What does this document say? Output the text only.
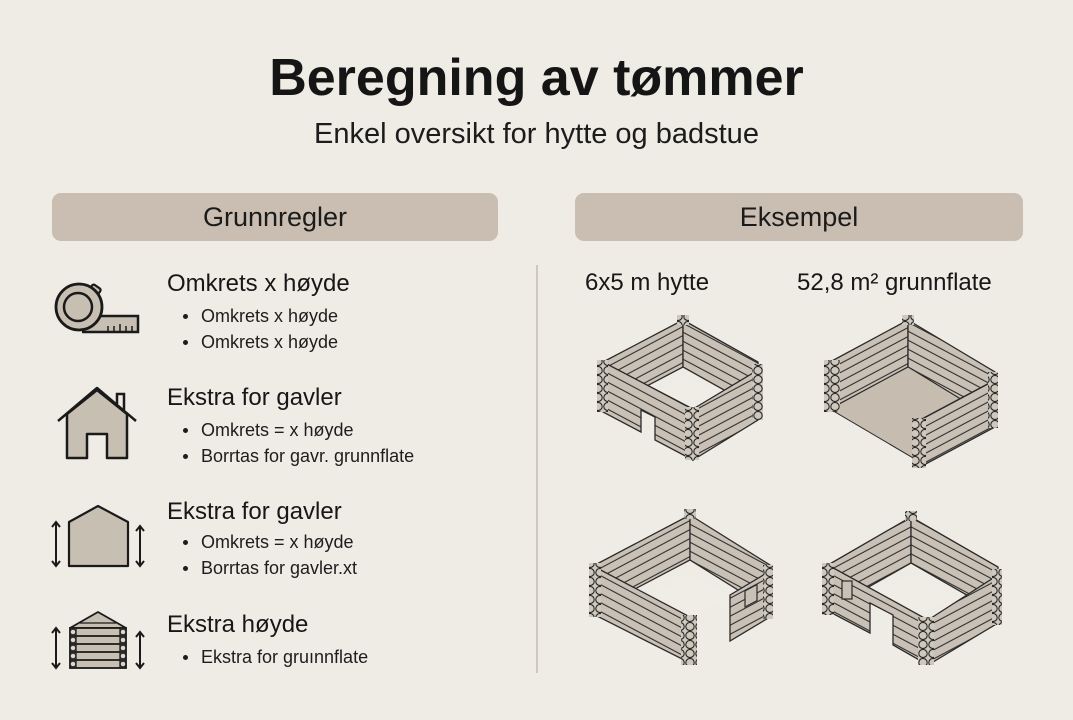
Beregning av tømmer
Enkel oversikt for hytte og badstue
Grunnregler	Eksempel
Omkrets x høyde
Omkrets x høyde
Omkrets x høyde
Ekstra for gavler
Omkrets = x høyde
Borrtas for gavr. grunnflate
Ekstra for gavler
Omkrets = x høyde
Borrtas for gavler.xt
Ekstra høyde
Ekstra for gruınnflate
6x5 m hytte	52,8 m² grunnflate
